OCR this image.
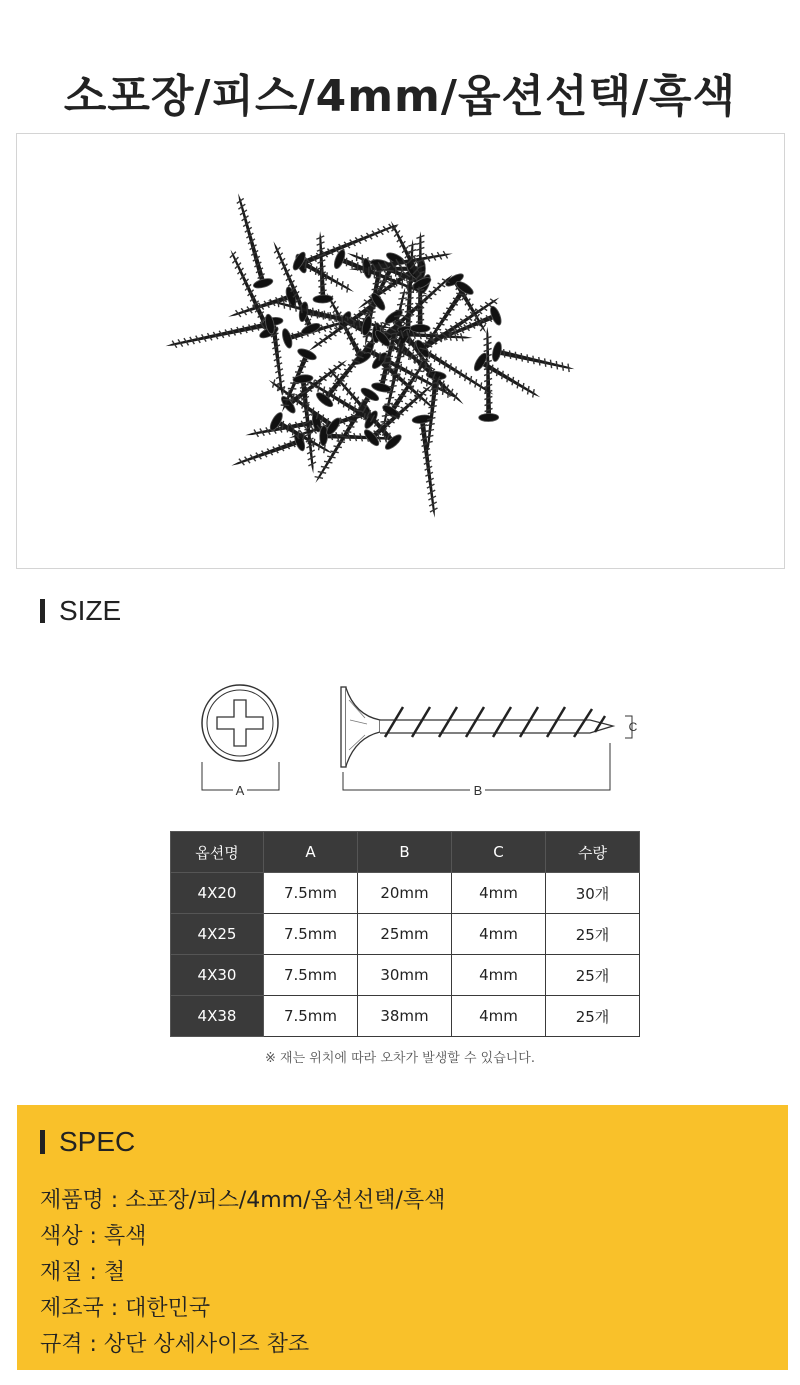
소포장/피스/4mm/옵션선택/흑색
SIZE
A	B
C
옵션명	A	B	C	수량
4X20	7.5mm	20mm	4mm	30개
4X25	7.5mm	25mm	4mm	25개
4X30	7.5mm	30mm	4mm	25개
4X38	7.5mm	38mm	4mm	25개
※ 재는 위치에 따라 오차가 발생할 수 있습니다.
SPEC
제품명 : 소포장/피스/4mm/옵션선택/흑색
색상 : 흑색
재질 : 철
제조국 : 대한민국
규격 : 상단 상세사이즈 참조
